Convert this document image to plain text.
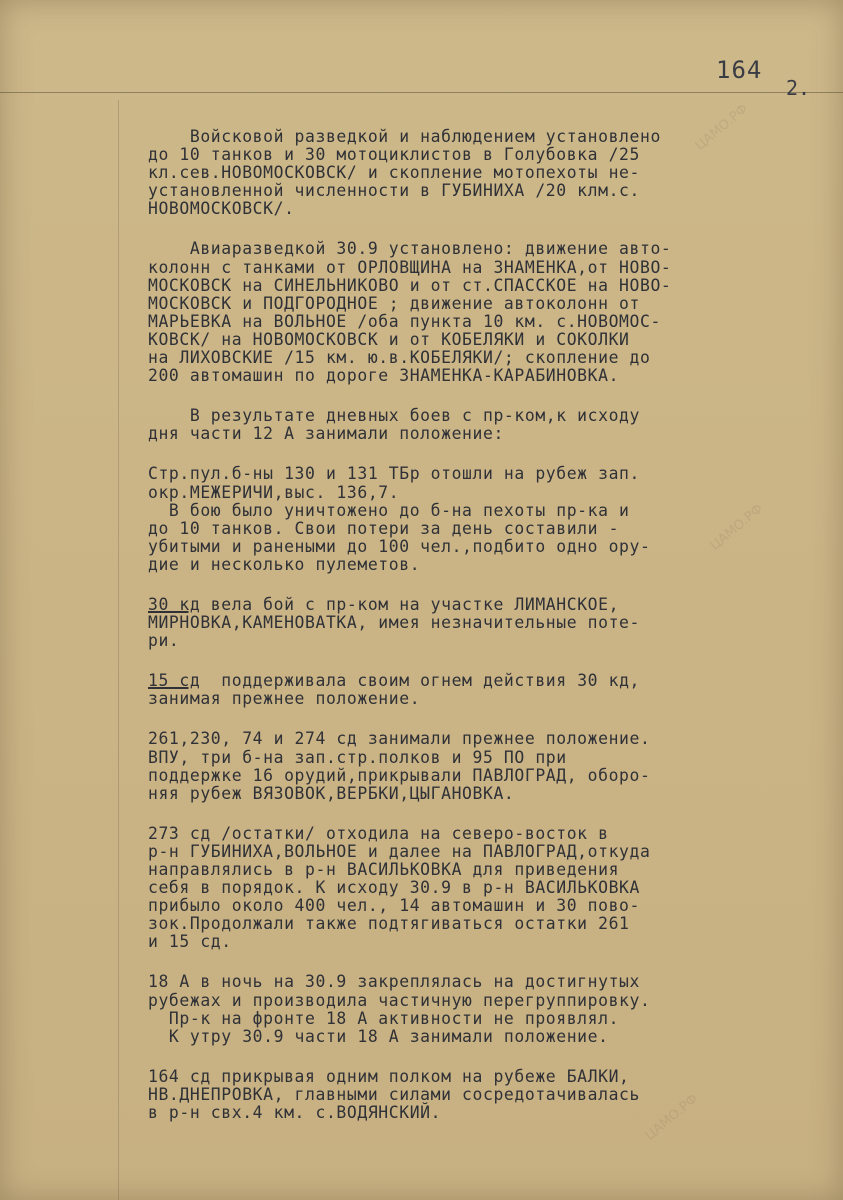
ЦАМО.РФ
ЦАМО.РФ
ЦАМО.РФ
164
2.

Войсковой разведкой и наблюдением установлено

до 10 танков и 30 мотоциклистов в Голубовка /25

кл.сев.НОВОМОСКОВСК/ и скопление мотопехоты не-

установленной численности в ГУБИНИХА /20 клм.с.

НОВОМОСКОВСК/.

Авиаразведкой 30.9 установлено: движение авто-

колонн с танками от ОРЛОВЩИНА на ЗНАМЕНКА,от НОВО-

МОСКОВСК на СИНЕЛЬНИКОВО и от ст.СПАССКОЕ на НОВО-

МОСКОВСК и ПОДГОРОДНОЕ ; движение автоколонн от

МАРЬЕВКА на ВОЛЬНОЕ /оба пункта 10 км. с.НОВОМОС-

КОВСК/ на НОВОМОСКОВСК и от КОБЕЛЯКИ и СОКОЛКИ

на ЛИХОВСКИЕ /15 км. ю.в.КОБЕЛЯКИ/; скопление до

200 автомашин по дороге ЗНАМЕНКА-КАРАБИНОВКА.

В результате дневных боев с пр-ком,к исходу

дня части 12 А занимали положение:

Стр.пул.б-ны 130 и 131 ТБр отошли на рубеж зап.

окр.МЕЖЕРИЧИ,выс. 136,7.

В бою было уничтожено до б-на пехоты пр-ка и

до 10 танков. Свои потери за день составили -

убитыми и ранеными до 100 чел.,подбито одно ору-

дие и несколько пулеметов.

30 кд вела бой с пр-ком на участке ЛИМАНСКОЕ,

МИРНОВКА,КАМЕНОВАТКА, имея незначительные поте-

ри.

15 сд  поддерживала своим огнем действия 30 кд,

занимая прежнее положение.

261,230, 74 и 274 сд занимали прежнее положение.

ВПУ, три б-на зап.стр.полков и 95 ПО при

поддержке 16 орудий,прикрывали ПАВЛОГРАД, оборо-

няя рубеж ВЯЗОВОК,ВЕРБКИ,ЦЫГАНОВКА.

273 сд /остатки/ отходила на северо-восток в

р-н ГУБИНИХА,ВОЛЬНОЕ и далее на ПАВЛОГРАД,откуда

направлялись в р-н ВАСИЛЬКОВКА для приведения

себя в порядок. К исходу 30.9 в р-н ВАСИЛЬКОВКА

прибыло около 400 чел., 14 автомашин и 30 пово-

зок.Продолжали также подтягиваться остатки 261

и 15 сд.

18 А в ночь на 30.9 закреплялась на достигнутых

рубежах и производила частичную перегруппировку.

Пр-к на фронте 18 А активности не проявлял.

К утру 30.9 части 18 А занимали положение.

164 сд прикрывая одним полком на рубеже БАЛКИ,

НВ.ДНЕПРОВКА, главными силами сосредотачивалась

в р-н свх.4 км. с.ВОДЯНСКИЙ.
